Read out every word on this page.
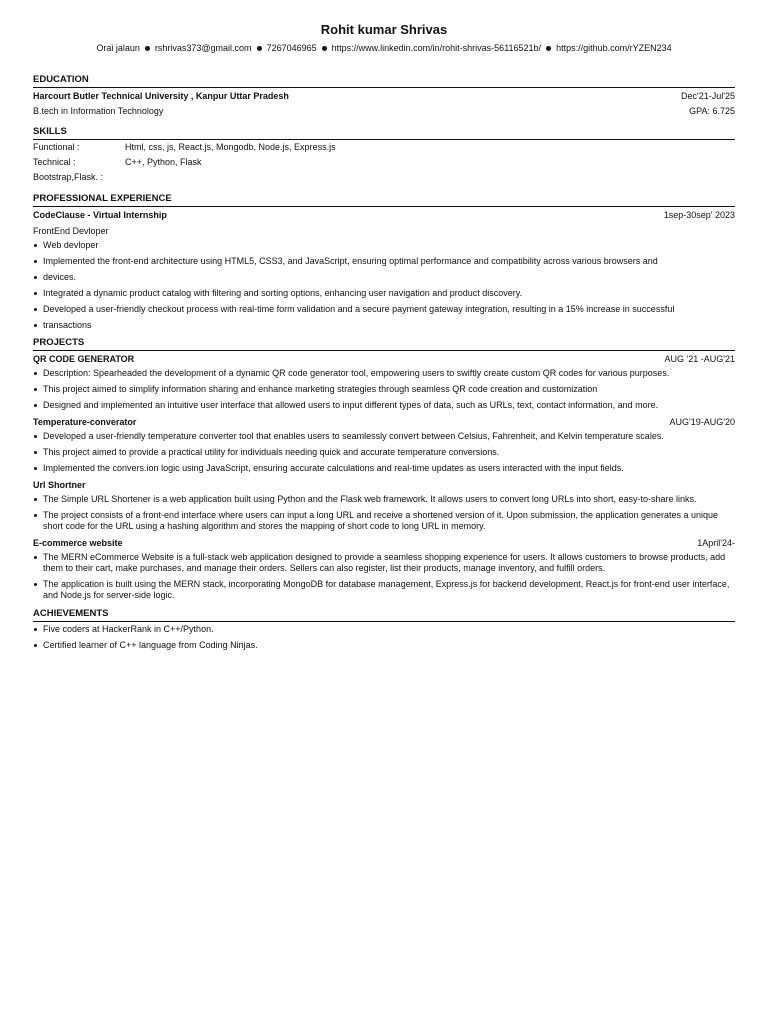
Rohit kumar Shrivas
Orai jalaun rshrivas373@gmail.com 7267046965 https://www.linkedin.com/in/rohit-shrivas-56116521b/ https://github.com/rYZEN234
EDUCATION
Harcourt Butler Technical University , Kanpur Uttar Pradesh	Dec'21-Jul'25
B.tech in Information Technology	GPA: 6.725
SKILLS
Functional :	Html, css, js, React.js, Mongodb, Node.js, Express.js
Technical :	C++, Python, Flask
Bootstrap,Flask. :
PROFESSIONAL EXPERIENCE
CodeClause - Virtual Internship	1sep-30sep' 2023
FrontEnd Devloper
Web devloper
Implemented the front-end architecture using HTML5, CSS3, and JavaScript, ensuring optimal performance and compatibility across various browsers and
devices.
Integrated a dynamic product catalog with filtering and sorting options, enhancing user navigation and product discovery.
Developed a user-friendly checkout process with real-time form validation and a secure payment gateway integration, resulting in a 15% increase in successful
transactions
PROJECTS
QR CODE GENERATOR	AUG '21 -AUG'21
Description: Spearheaded the development of a dynamic QR code generator tool, empowering users to swiftly create custom QR codes for various purposes.
This project aimed to simplify information sharing and enhance marketing strategies through seamless QR code creation and customization
Designed and implemented an intuitive user interface that allowed users to input different types of data, such as URLs, text, contact information, and more.
Temperature-converator	AUG'19-AUG'20
Developed a user-friendly temperature converter tool that enables users to seamlessly convert between Celsius, Fahrenheit, and Kelvin temperature scales.
This project aimed to provide a practical utility for individuals needing quick and accurate temperature conversions.
Implemented the convers.ion logic using JavaScript, ensuring accurate calculations and real-time updates as users interacted with the input fields.
Url Shortner
The Simple URL Shortener is a web application built using Python and the Flask web framework. It allows users to convert long URLs into short, easy-to-share links.
The project consists of a front-end interface where users can input a long URL and receive a shortened version of it. Upon submission, the application generates a unique short code for the URL using a hashing algorithm and stores the mapping of short code to long URL in memory.
E-commerce website	1April'24-
The MERN eCommerce Website is a full-stack web application designed to provide a seamless shopping experience for users. It allows customers to browse products, add them to their cart, make purchases, and manage their orders. Sellers can also register, list their products, manage inventory, and fulfill orders.
The application is built using the MERN stack, incorporating MongoDB for database management, Express.js for backend development, React.js for front-end user interface, and Node.js for server-side logic.
ACHIEVEMENTS
Five coders at HackerRank in C++/Python.
Certified learner of C++ language from Coding Ninjas.
